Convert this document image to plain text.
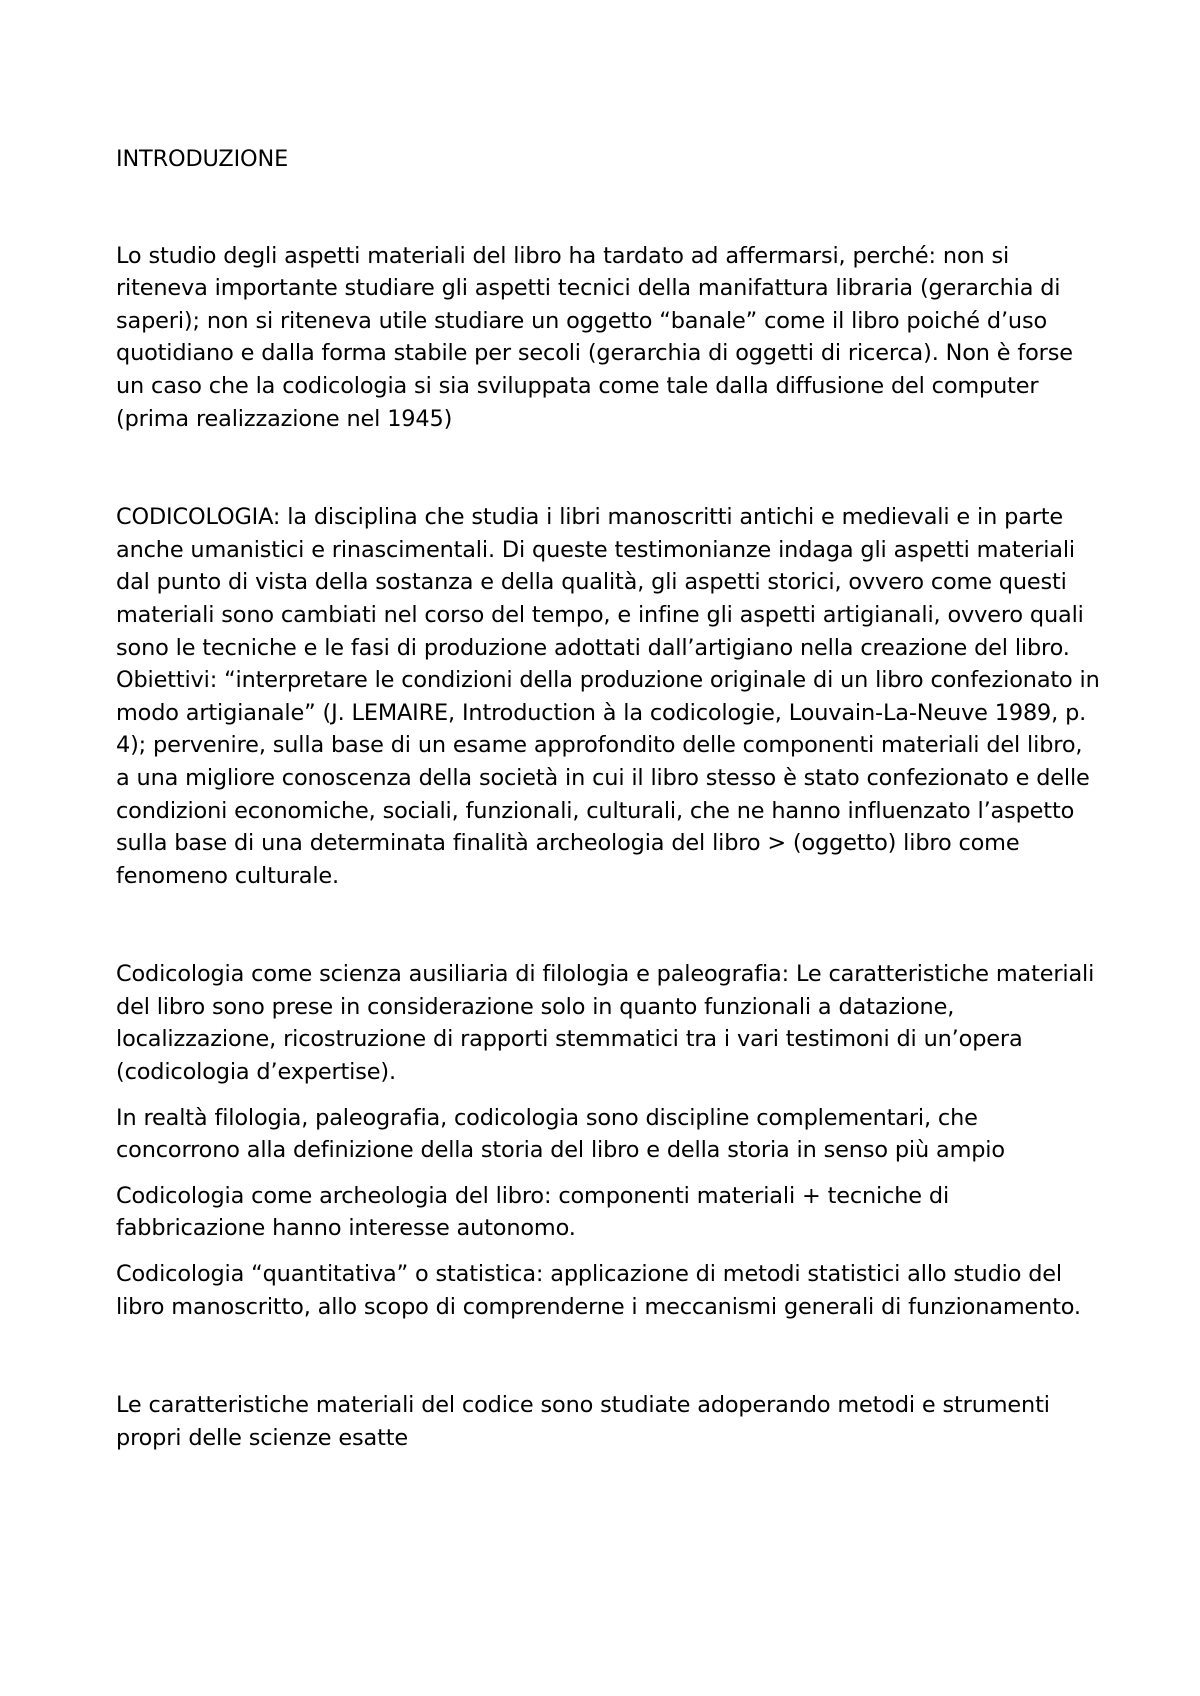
INTRODUZIONE

Lo studio degli aspetti materiali del libro ha tardato ad affermarsi, perché: non si riteneva importante studiare gli aspetti tecnici della manifattura libraria (gerarchia di saperi); non si riteneva utile studiare un oggetto “banale” come il libro poiché d’uso quotidiano e dalla forma stabile per secoli (gerarchia di oggetti di ricerca). Non è forse un caso che la codicologia si sia sviluppata come tale dalla diffusione del computer (prima realizzazione nel 1945)

CODICOLOGIA: la disciplina che studia i libri manoscritti antichi e medievali e in parte anche umanistici e rinascimentali. Di queste testimonianze indaga gli aspetti materiali dal punto di vista della sostanza e della qualità, gli aspetti storici, ovvero come questi materiali sono cambiati nel corso del tempo, e infine gli aspetti artigianali, ovvero quali sono le tecniche e le fasi di produzione adottati dall’artigiano nella creazione del libro. Obiettivi: “interpretare le condizioni della produzione originale di un libro confezionato in modo artigianale” (J. LEMAIRE, Introduction à la codicologie, Louvain-La-Neuve 1989, p. 4); pervenire, sulla base di un esame approfondito delle componenti materiali del libro, a una migliore conoscenza della società in cui il libro stesso è stato confezionato e delle condizioni economiche, sociali, funzionali, culturali, che ne hanno influenzato l’aspetto sulla base di una determinata finalità archeologia del libro > (oggetto) libro come fenomeno culturale.

Codicologia come scienza ausiliaria di filologia e paleografia: Le caratteristiche materiali del libro sono prese in considerazione solo in quanto funzionali a datazione, localizzazione, ricostruzione di rapporti stemmatici tra i vari testimoni di un’opera (codicologia d’expertise).

In realtà filologia, paleografia, codicologia sono discipline complementari, che concorrono alla definizione della storia del libro e della storia in senso più ampio

Codicologia come archeologia del libro: componenti materiali + tecniche di fabbricazione hanno interesse autonomo.

Codicologia “quantitativa” o statistica: applicazione di metodi statistici allo studio del libro manoscritto, allo scopo di comprenderne i meccanismi generali di funzionamento.

Le caratteristiche materiali del codice sono studiate adoperando metodi e strumenti propri delle scienze esatte
